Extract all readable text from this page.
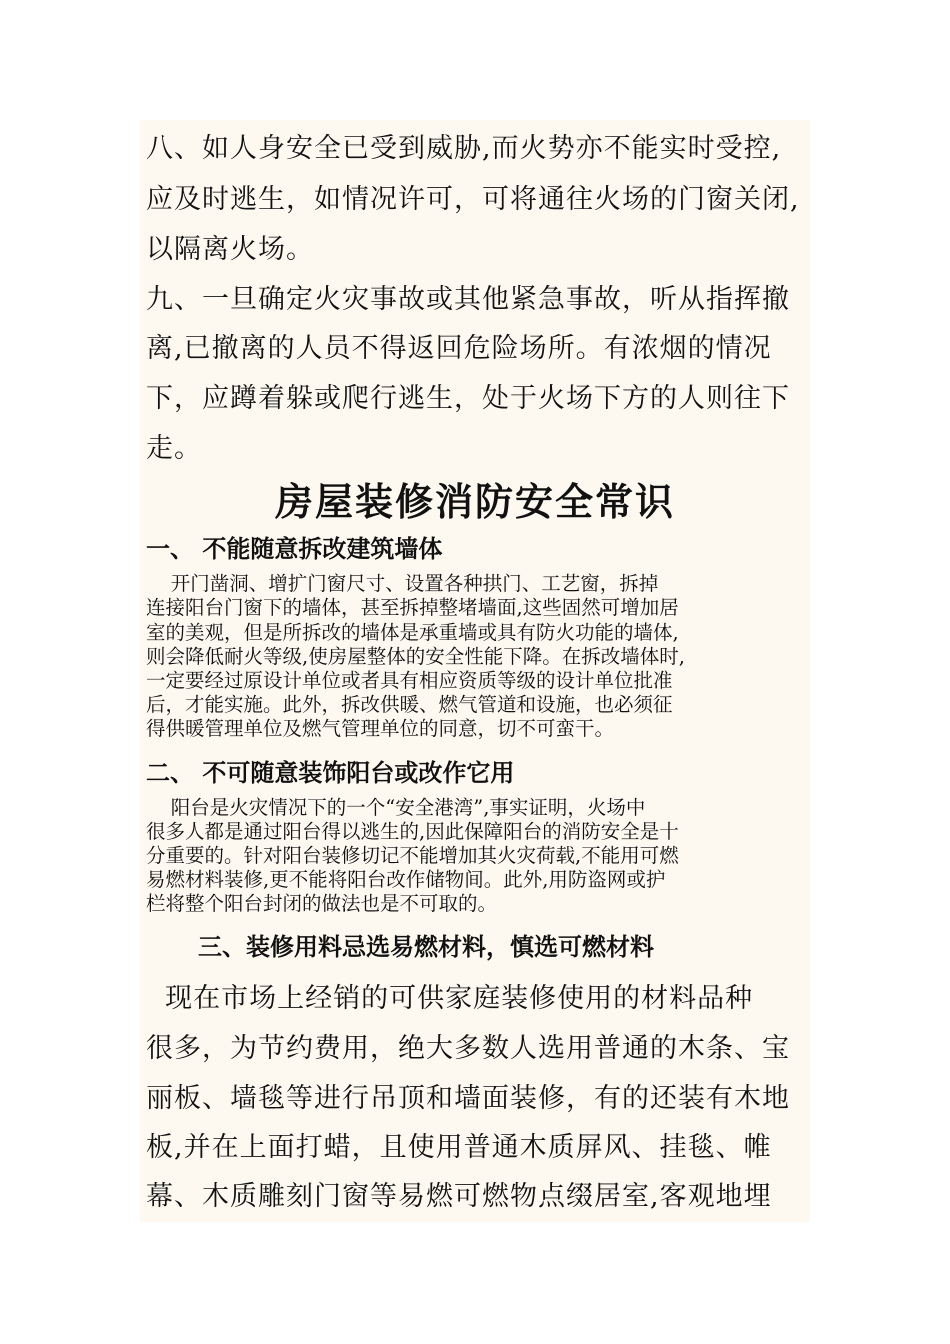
八、如人身安全已受到威胁,而火势亦不能实时受控,

应及时逃生，如情况许可，可将通往火场的门窗关闭,

以隔离火场。

九、一旦确定火灾事故或其他紧急事故，听从指挥撤

离,已撤离的人员不得返回危险场所。有浓烟的情况

下，应蹲着躲或爬行逃生，处于火场下方的人则往下

走。

房屋装修消防安全常识
一、 不能随意拆改建筑墙体

开门凿洞、增扩门窗尺寸、设置各种拱门、工艺窗，拆掉

连接阳台门窗下的墙体，甚至拆掉整堵墙面,这些固然可增加居

室的美观，但是所拆改的墙体是承重墙或具有防火功能的墙体,

则会降低耐火等级,使房屋整体的安全性能下降。在拆改墙体时,

一定要经过原设计单位或者具有相应资质等级的设计单位批准

后，才能实施。此外，拆改供暖、燃气管道和设施，也必须征

得供暖管理单位及燃气管理单位的同意，切不可蛮干。

二、 不可随意装饰阳台或改作它用

阳台是火灾情况下的一个“安全港湾”,事实证明，火场中

很多人都是通过阳台得以逃生的,因此保障阳台的消防安全是十

分重要的。针对阳台装修切记不能增加其火灾荷载,不能用可燃

易燃材料装修,更不能将阳台改作储物间。此外,用防盗网或护

栏将整个阳台封闭的做法也是不可取的。

三、装修用料忌选易燃材料，慎选可燃材料

现在市场上经销的可供家庭装修使用的材料品种

很多，为节约费用，绝大多数人选用普通的木条、宝

丽板、墙毯等进行吊顶和墙面装修，有的还装有木地

板,并在上面打蜡，且使用普通木质屏风、挂毯、帷

幕、木质雕刻门窗等易燃可燃物点缀居室,客观地埋
